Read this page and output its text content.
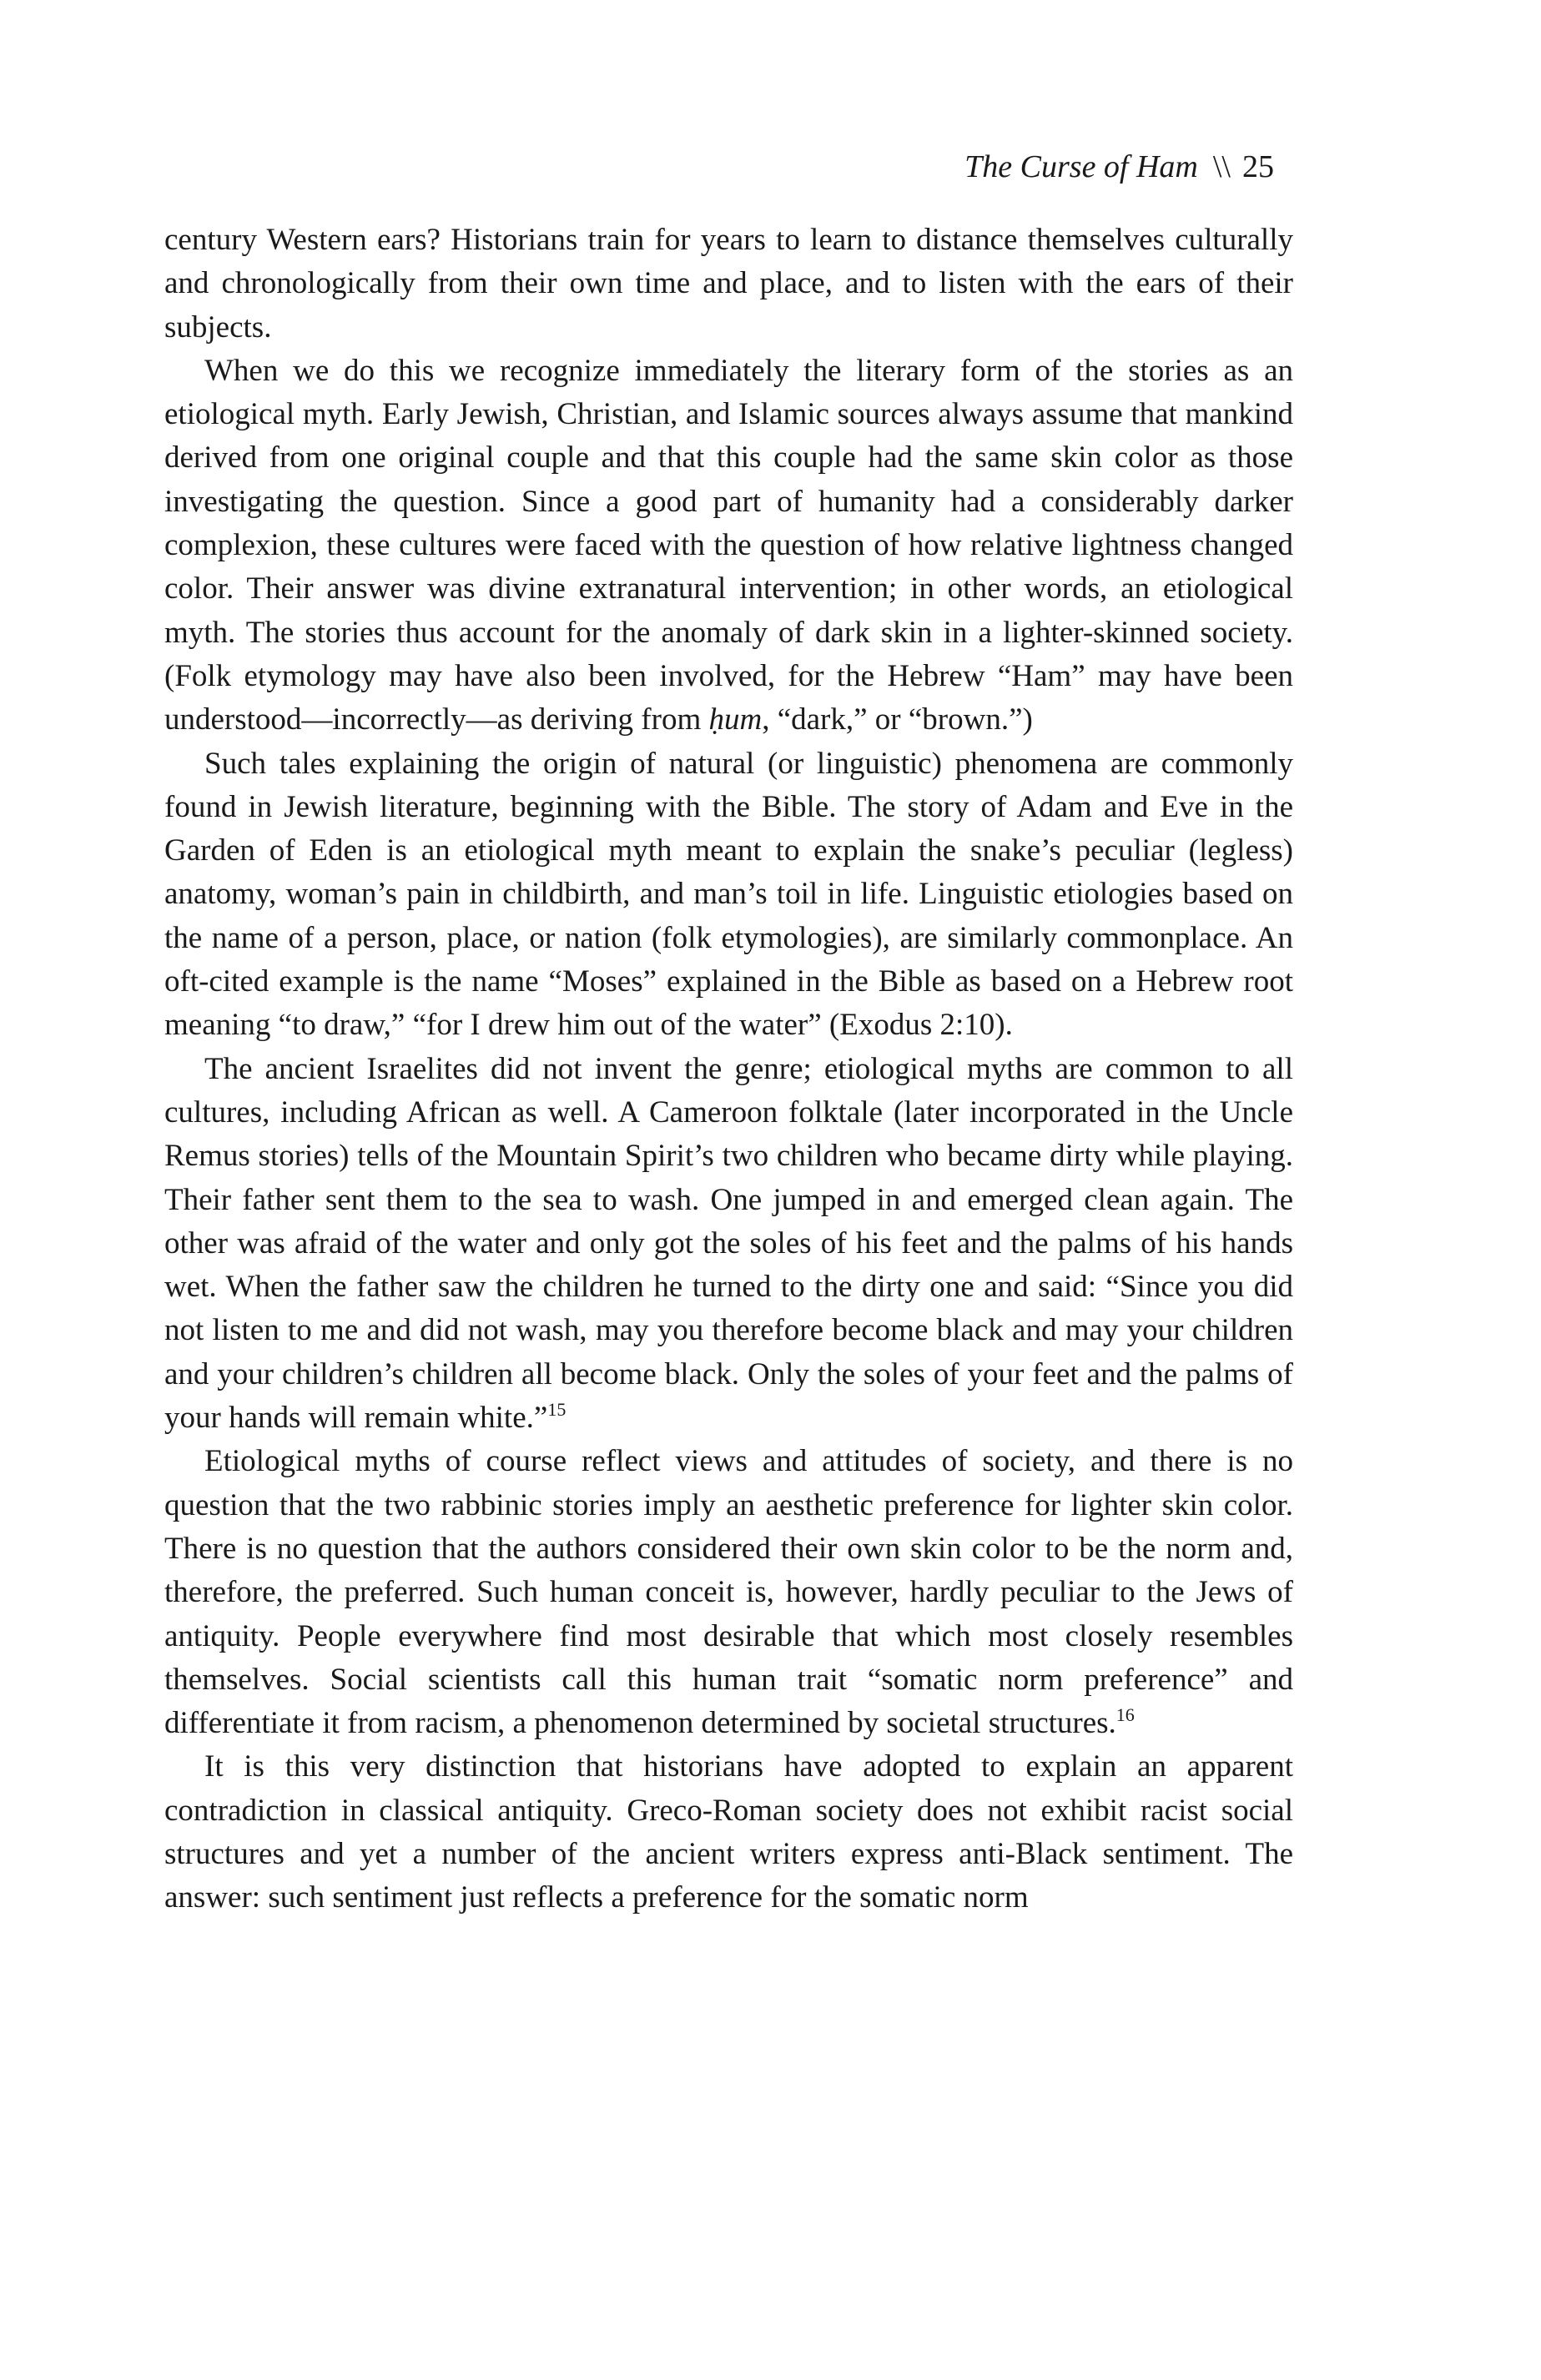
The Curse of Ham \\ 25

century Western ears? Historians train for years to learn to distance themselves culturally and chronologically from their own time and place, and to listen with the ears of their subjects.

When we do this we recognize immediately the literary form of the stories as an etiological myth. Early Jewish, Christian, and Islamic sources always assume that mankind derived from one original couple and that this couple had the same skin color as those investigating the question. Since a good part of humanity had a considerably darker complexion, these cultures were faced with the question of how relative lightness changed color. Their answer was divine extranatural intervention; in other words, an etiological myth. The stories thus account for the anomaly of dark skin in a lighter-skinned society. (Folk etymology may have also been involved, for the Hebrew “Ham” may have been understood—incorrectly—as deriving from ḥum, “dark,” or “brown.”)

Such tales explaining the origin of natural (or linguistic) phenomena are commonly found in Jewish literature, beginning with the Bible. The story of Adam and Eve in the Garden of Eden is an etiological myth meant to explain the snake’s peculiar (legless) anatomy, woman’s pain in childbirth, and man’s toil in life. Linguistic etiologies based on the name of a person, place, or nation (folk etymologies), are similarly commonplace. An oft-cited example is the name “Moses” explained in the Bible as based on a Hebrew root meaning “to draw,” “for I drew him out of the water” (Exodus 2:10).

The ancient Israelites did not invent the genre; etiological myths are common to all cultures, including African as well. A Cameroon folktale (later incorporated in the Uncle Remus stories) tells of the Mountain Spirit’s two children who became dirty while playing. Their father sent them to the sea to wash. One jumped in and emerged clean again. The other was afraid of the water and only got the soles of his feet and the palms of his hands wet. When the father saw the children he turned to the dirty one and said: “Since you did not listen to me and did not wash, may you therefore become black and may your children and your children’s children all become black. Only the soles of your feet and the palms of your hands will remain white.”$^{15}$

Etiological myths of course reflect views and attitudes of society, and there is no question that the two rabbinic stories imply an aesthetic preference for lighter skin color. There is no question that the authors considered their own skin color to be the norm and, therefore, the preferred. Such human conceit is, however, hardly peculiar to the Jews of antiquity. People everywhere find most desirable that which most closely resembles themselves. Social scientists call this human trait “somatic norm preference” and differentiate it from racism, a phenomenon determined by societal structures.$^{16}$

It is this very distinction that historians have adopted to explain an apparent contradiction in classical antiquity. Greco-Roman society does not exhibit racist social structures and yet a number of the ancient writers express anti-Black sentiment. The answer: such sentiment just reflects a preference for the somatic norm
